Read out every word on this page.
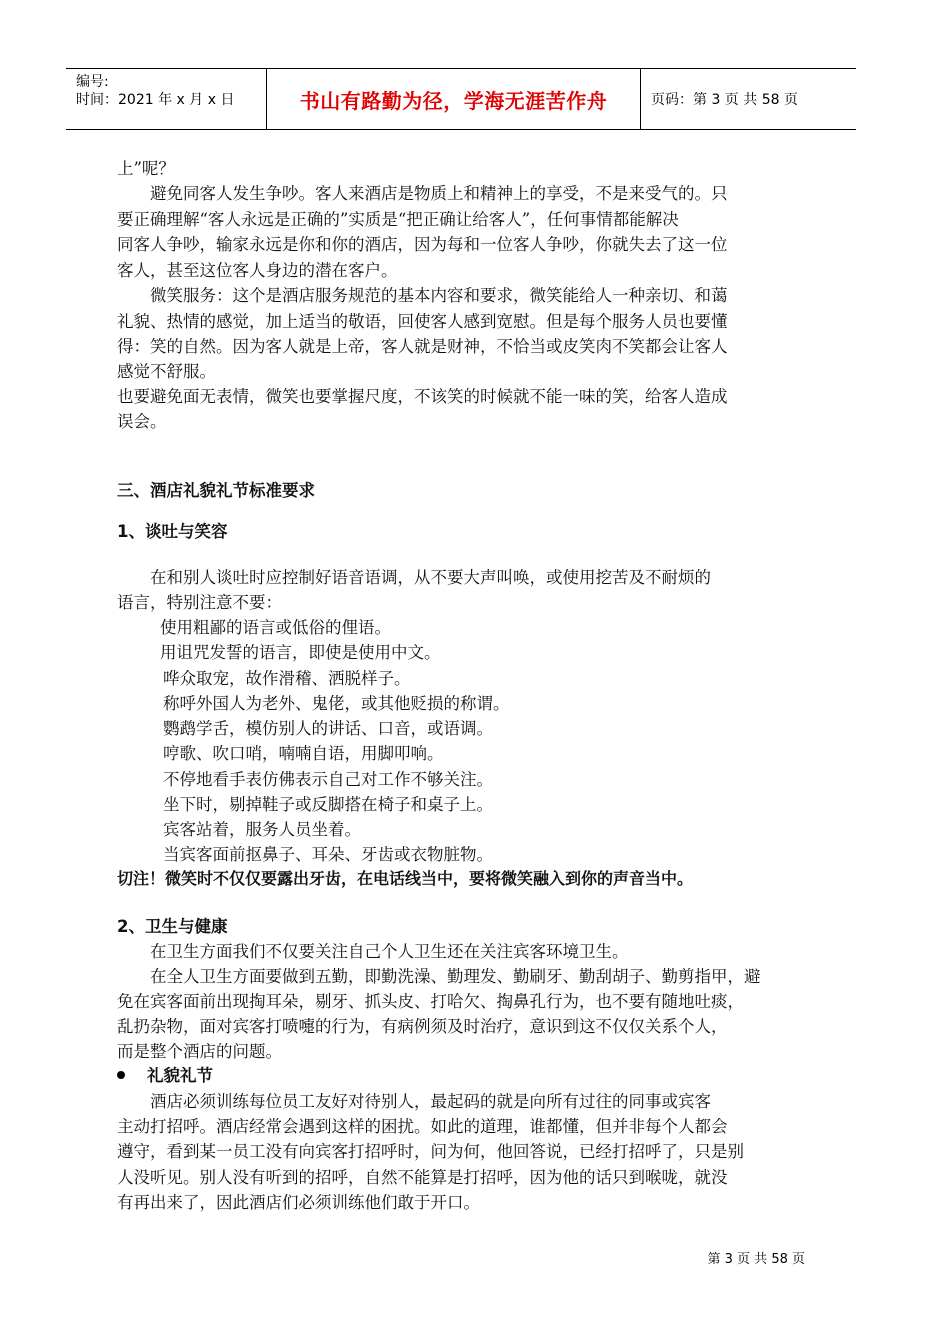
编号:
时间：2021 年 x 月 x 日	书山有路勤为径，学海无涯苦作舟	页码：第 3 页 共 58 页
上”呢？
　　避免同客人发生争吵。客人来酒店是物质上和精神上的享受，不是来受气的。只
要正确理解“客人永远是正确的”实质是“把正确让给客人”，任何事情都能解决
同客人争吵，输家永远是你和你的酒店，因为每和一位客人争吵，你就失去了这一位
客人，甚至这位客人身边的潜在客户。
　　微笑服务：这个是酒店服务规范的基本内容和要求，微笑能给人一种亲切、和蔼
礼貌、热情的感觉，加上适当的敬语，回使客人感到宽慰。但是每个服务人员也要懂
得：笑的自然。因为客人就是上帝，客人就是财神，不恰当或皮笑肉不笑都会让客人
感觉不舒服。
也要避免面无表情，微笑也要掌握尺度，不该笑的时候就不能一味的笑，给客人造成
误会。
三、酒店礼貌礼节标准要求
1、谈吐与笑容
　　在和别人谈吐时应控制好语音语调，从不要大声叫唤，或使用挖苦及不耐烦的
语言，特别注意不要：
使用粗鄙的语言或低俗的俚语。
用诅咒发誓的语言，即使是使用中文。
哗众取宠，故作滑稽、洒脱样子。
称呼外国人为老外、鬼佬，或其他贬损的称谓。
鹦鹉学舌，模仿别人的讲话、口音，或语调。
哼歌、吹口哨，喃喃自语，用脚叩响。
不停地看手表仿佛表示自己对工作不够关注。
坐下时，剔掉鞋子或反脚搭在椅子和桌子上。
宾客站着，服务人员坐着。
当宾客面前抠鼻子、耳朵、牙齿或衣物脏物。
切注！微笑时不仅仅要露出牙齿，在电话线当中，要将微笑融入到你的声音当中。
2、卫生与健康
　　在卫生方面我们不仅要关注自己个人卫生还在关注宾客环境卫生。
　　在全人卫生方面要做到五勤，即勤洗澡、勤理发、勤刷牙、勤刮胡子、勤剪指甲，避
免在宾客面前出现掏耳朵，剔牙、抓头皮、打哈欠、掏鼻孔行为，也不要有随地吐痰，
乱扔杂物，面对宾客打喷嚏的行为，有病例须及时治疗，意识到这不仅仅关系个人，
而是整个酒店的问题。
礼貌礼节
　　酒店必须训练每位员工友好对待别人，最起码的就是向所有过往的同事或宾客
主动打招呼。酒店经常会遇到这样的困扰。如此的道理，谁都懂，但并非每个人都会
遵守，看到某一员工没有向宾客打招呼时，问为何，他回答说，已经打招呼了，只是别
人没听见。别人没有听到的招呼，自然不能算是打招呼，因为他的话只到喉咙，就没
有再出来了，因此酒店们必须训练他们敢于开口。
第 3 页 共 58 页
